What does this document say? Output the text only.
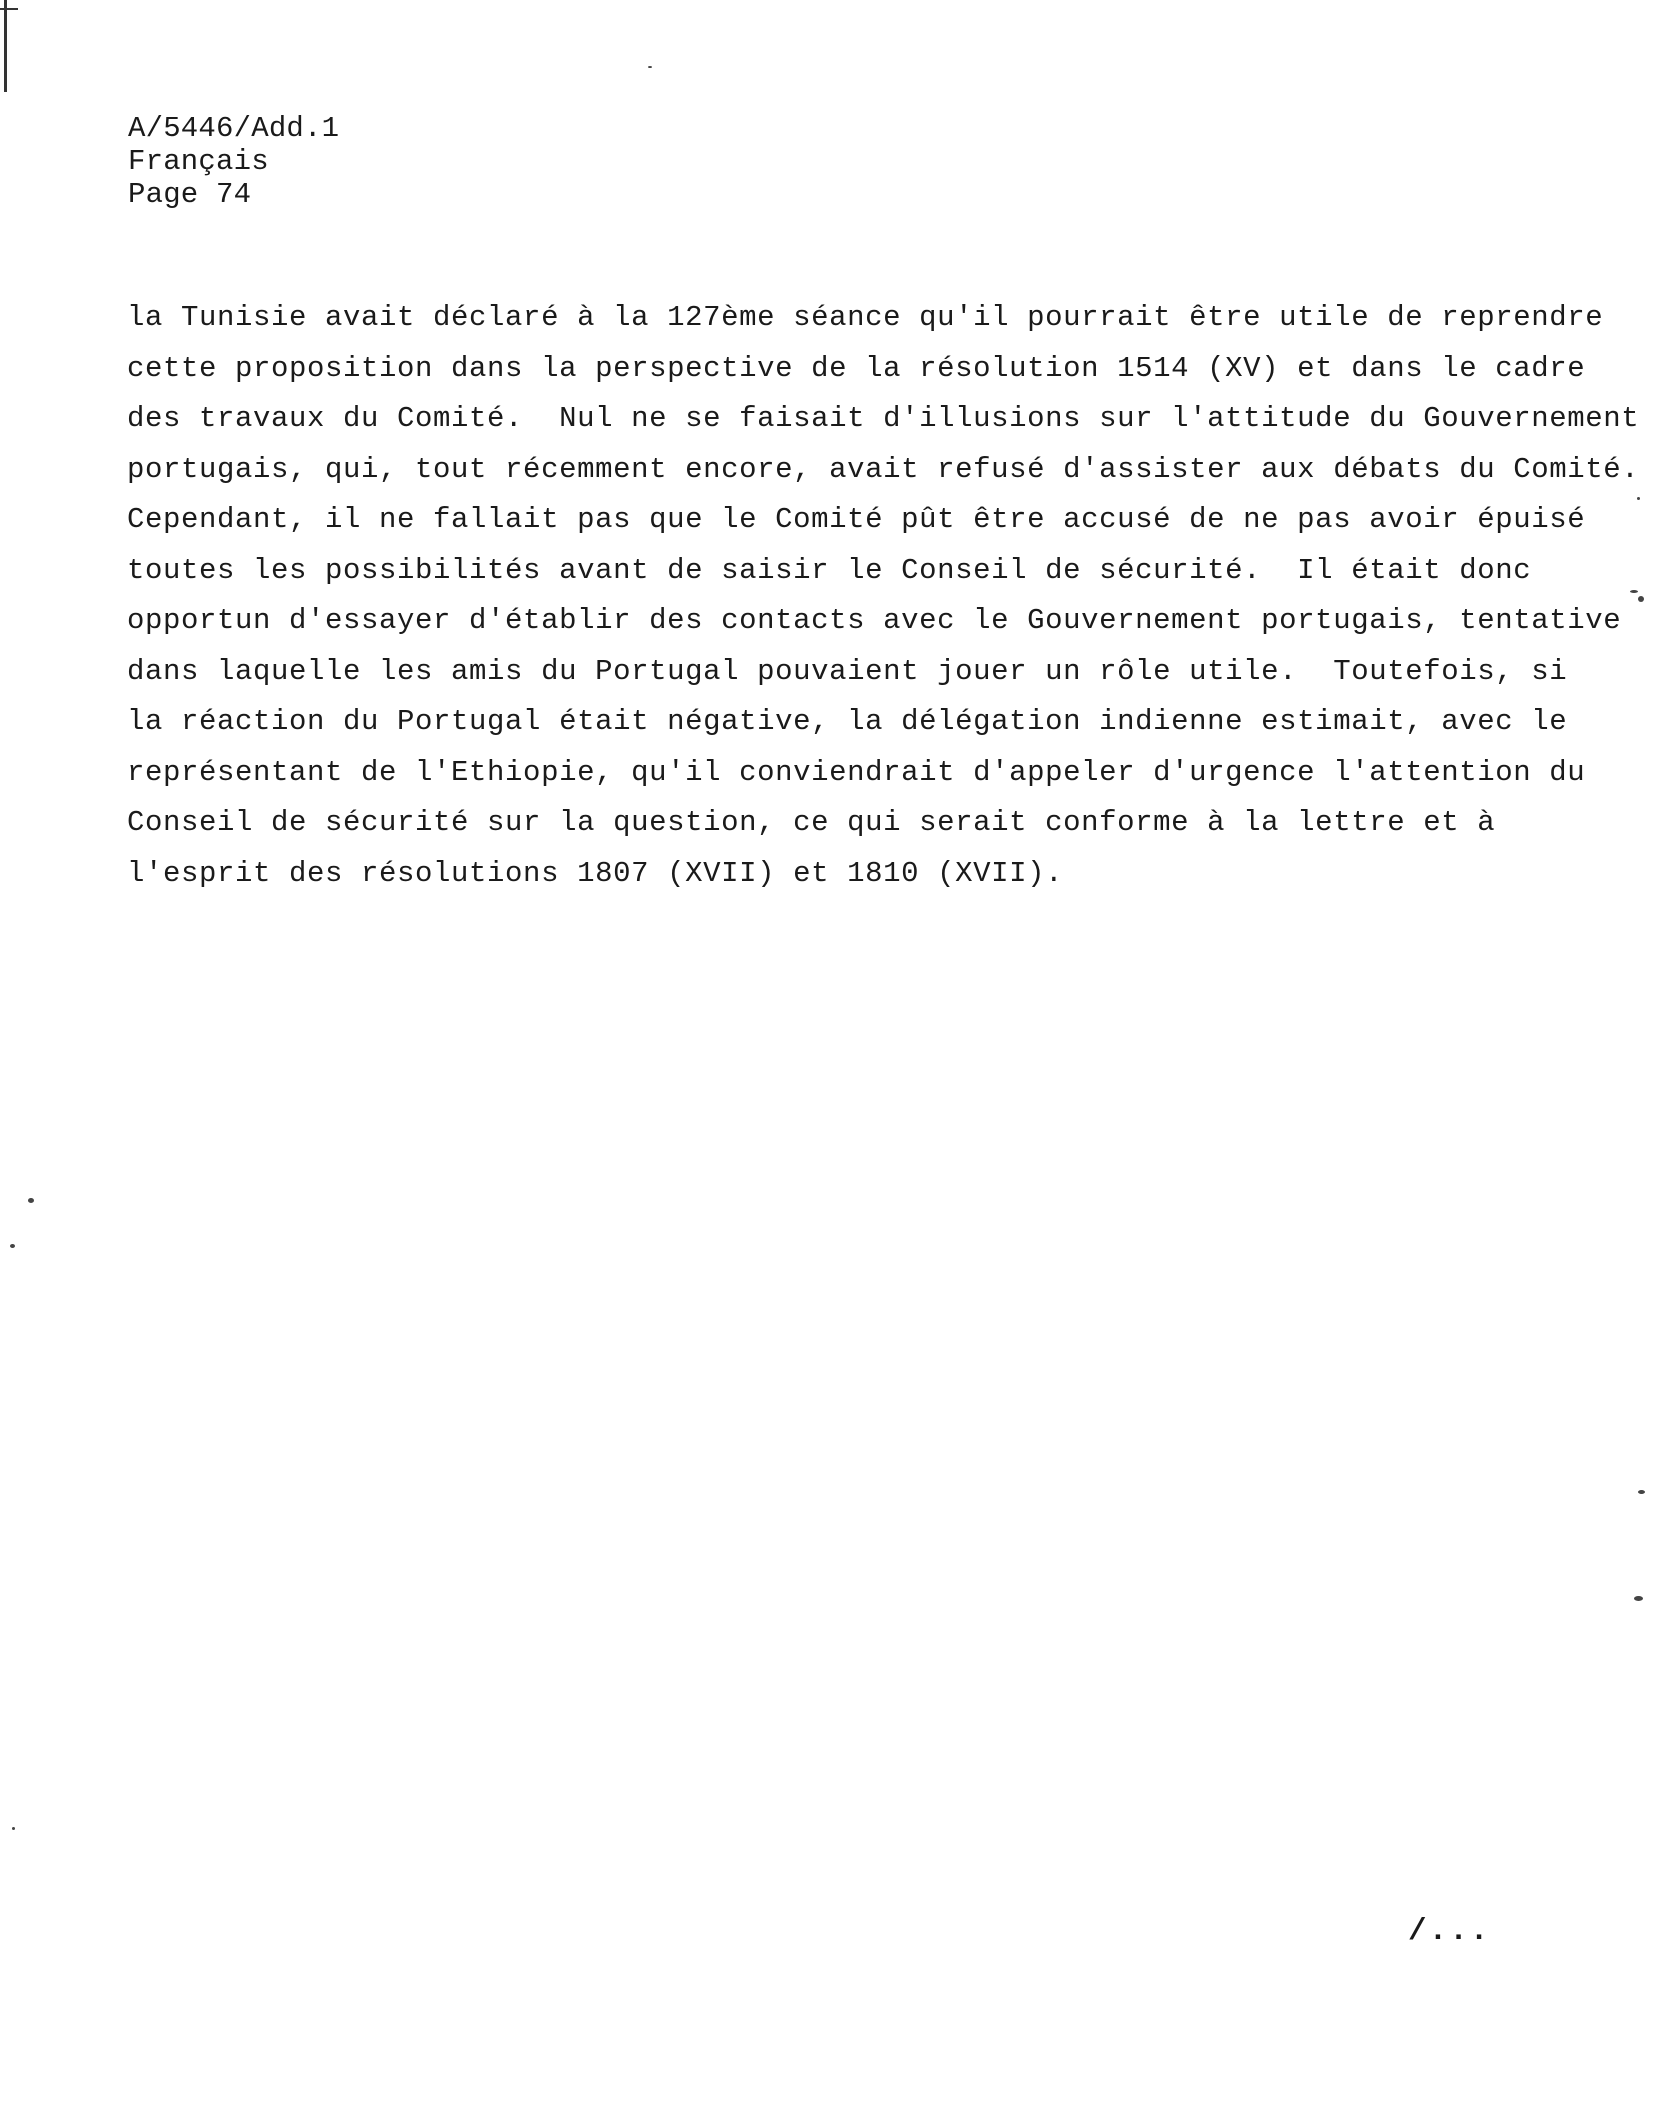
A/5446/Add.1
Français
Page 74
la Tunisie avait déclaré à la 127ème séance qu'il pourrait être utile de reprendre
cette proposition dans la perspective de la résolution 1514 (XV) et dans le cadre
des travaux du Comité.  Nul ne se faisait d'illusions sur l'attitude du Gouvernement
portugais, qui, tout récemment encore, avait refusé d'assister aux débats du Comité.
Cependant, il ne fallait pas que le Comité pût être accusé de ne pas avoir épuisé
toutes les possibilités avant de saisir le Conseil de sécurité.  Il était donc
opportun d'essayer d'établir des contacts avec le Gouvernement portugais, tentative
dans laquelle les amis du Portugal pouvaient jouer un rôle utile.  Toutefois, si
la réaction du Portugal était négative, la délégation indienne estimait, avec le
représentant de l'Ethiopie, qu'il conviendrait d'appeler d'urgence l'attention du
Conseil de sécurité sur la question, ce qui serait conforme à la lettre et à
l'esprit des résolutions 1807 (XVII) et 1810 (XVII).
/...
